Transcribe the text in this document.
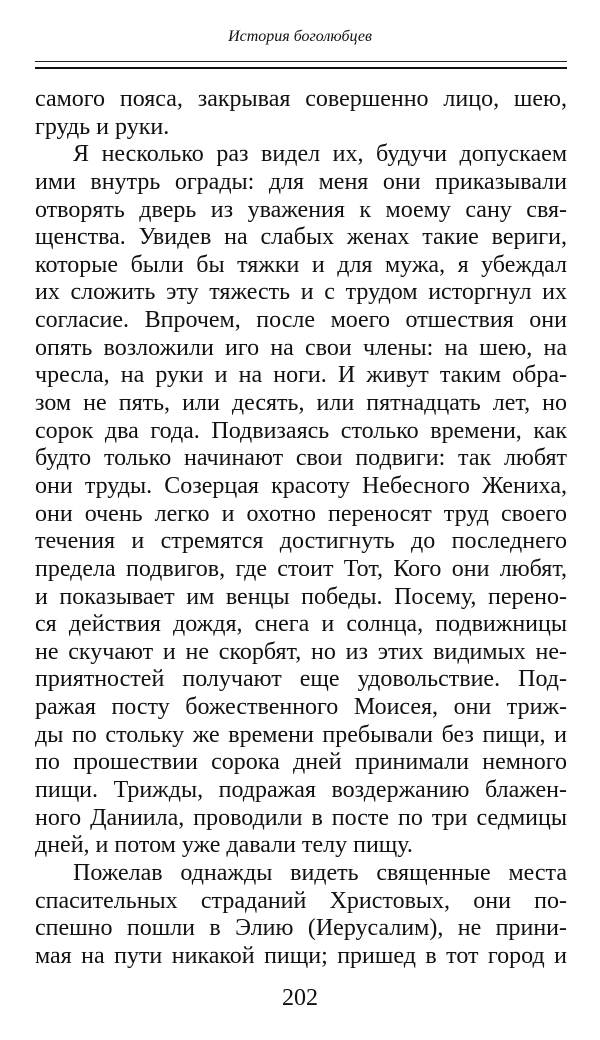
История боголюбцев
самого пояса, закрывая совершенно лицо, шею,
грудь и руки.
Я несколько раз видел их, будучи допускаем
ими внутрь ограды: для меня они приказывали
отворять дверь из уважения к моему сану свя-
щенства. Увидев на слабых женах такие вериги,
которые были бы тяжки и для мужа, я убеждал
их сложить эту тяжесть и с трудом исторгнул их
согласие. Впрочем, после моего отшествия они
опять возложили иго на свои члены: на шею, на
чресла, на руки и на ноги. И живут таким обра-
зом не пять, или десять, или пятнадцать лет, но
сорок два года. Подвизаясь столько времени, как
будто только начинают свои подвиги: так любят
они труды. Созерцая красоту Небесного Жениха,
они очень легко и охотно переносят труд своего
течения и стремятся достигнуть до последнего
предела подвигов, где стоит Тот, Кого они любят,
и показывает им венцы победы. Посему, перено-
ся действия дождя, снега и солнца, подвижницы
не скучают и не скорбят, но из этих видимых не-
приятностей получают еще удовольствие. Под-
ражая посту божественного Моисея, они триж-
ды по стольку же времени пребывали без пищи, и
по прошествии сорока дней принимали немного
пищи. Трижды, подражая воздержанию блажен-
ного Даниила, проводили в посте по три седмицы
дней, и потом уже давали телу пищу.
Пожелав однажды видеть священные места
спасительных страданий Христовых, они по-
спешно пошли в Элию (Иерусалим), не прини-
мая на пути никакой пищи; пришед в тот город и
202
